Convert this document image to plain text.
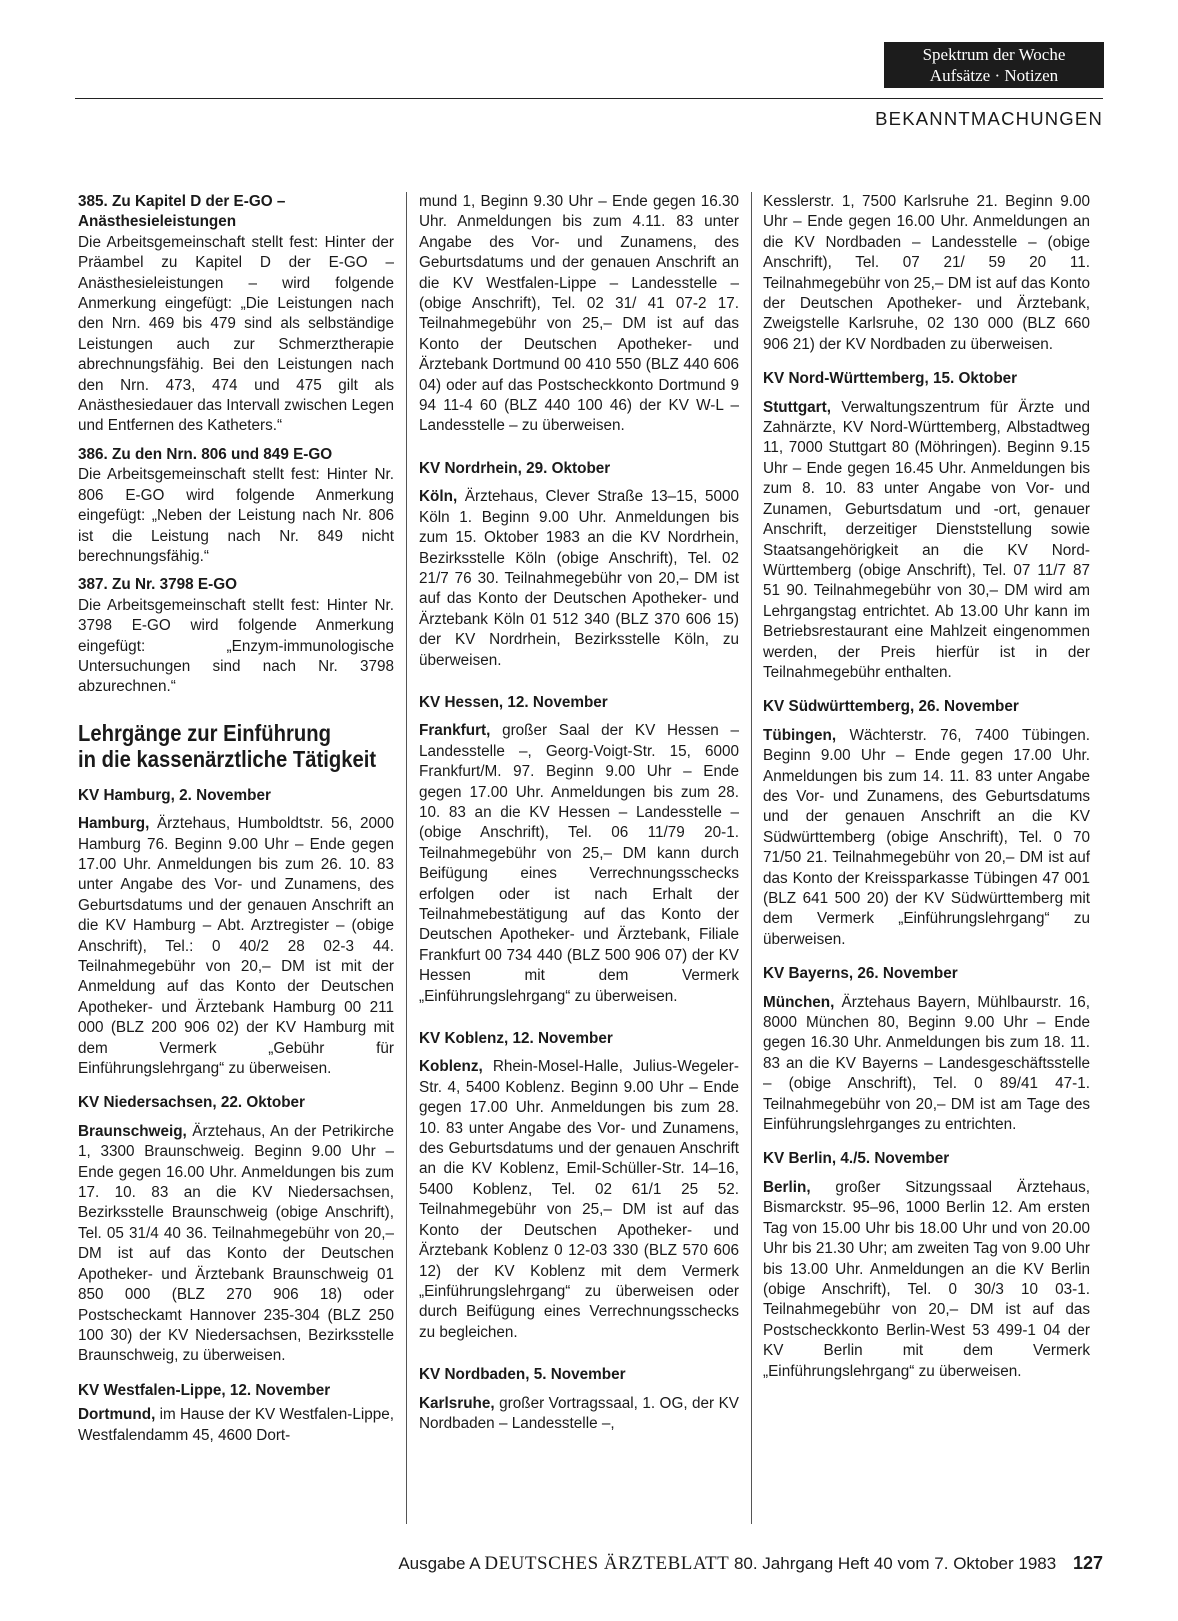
Spektrum der Woche
Aufsätze · Notizen
BEKANNTMACHUNGEN
385. Zu Kapitel D der E-GO – Anästhesieleistungen

Die Arbeitsgemeinschaft stellt fest: Hinter der Präambel zu Kapitel D der E-GO – Anästhesieleistungen – wird folgende Anmerkung eingefügt: „Die Leistungen nach den Nrn. 469 bis 479 sind als selbständige Leistungen auch zur Schmerztherapie abrechnungsfähig. Bei den Leistungen nach den Nrn. 473, 474 und 475 gilt als Anästhesiedauer das Intervall zwischen Legen und Entfernen des Katheters.“

386. Zu den Nrn. 806 und 849 E-GO

Die Arbeitsgemeinschaft stellt fest: Hinter Nr. 806 E-GO wird folgende Anmerkung eingefügt: „Neben der Leistung nach Nr. 806 ist die Leistung nach Nr. 849 nicht berechnungsfähig.“

387. Zu Nr. 3798 E-GO

Die Arbeitsgemeinschaft stellt fest: Hinter Nr. 3798 E-GO wird folgende Anmerkung eingefügt: „Enzym-immunologische Untersuchungen sind nach Nr. 3798 abzurechnen.“

Lehrgänge zur Einführung
in die kassenärztliche Tätigkeit
KV Hamburg, 2. November

Hamburg, Ärztehaus, Humboldtstr. 56, 2000 Hamburg 76. Beginn 9.00 Uhr – Ende gegen 17.00 Uhr. Anmeldungen bis zum 26. 10. 83 unter Angabe des Vor- und Zunamens, des Geburtsdatums und der genauen Anschrift an die KV Hamburg – Abt. Arztregister – (obige Anschrift), Tel.: 0 40/2 28 02-3 44. Teilnahmegebühr von 20,– DM ist mit der Anmeldung auf das Konto der Deutschen Apotheker- und Ärztebank Hamburg 00 211 000 (BLZ 200 906 02) der KV Hamburg mit dem Vermerk „Gebühr für Einführungslehrgang“ zu überweisen.

KV Niedersachsen, 22. Oktober

Braunschweig, Ärztehaus, An der Petrikirche 1, 3300 Braunschweig. Beginn 9.00 Uhr – Ende gegen 16.00 Uhr. Anmeldungen bis zum 17. 10. 83 an die KV Niedersachsen, Bezirksstelle Braunschweig (obige Anschrift), Tel. 05 31/4 40 36. Teilnahmegebühr von 20,– DM ist auf das Konto der Deutschen Apotheker- und Ärztebank Braunschweig 01 850 000 (BLZ 270 906 18) oder Postscheckamt Hannover 235-304 (BLZ 250 100 30) der KV Niedersachsen, Bezirksstelle Braunschweig, zu überweisen.

KV Westfalen-Lippe, 12. November

Dortmund, im Hause der KV Westfalen-Lippe, Westfalendamm 45, 4600 Dort-

mund 1, Beginn 9.30 Uhr – Ende gegen 16.30 Uhr. Anmeldungen bis zum 4.11. 83 unter Angabe des Vor- und Zunamens, des Geburtsdatums und der genauen Anschrift an die KV Westfalen-Lippe – Landesstelle – (obige Anschrift), Tel. 02 31/ 41 07-2 17. Teilnahmegebühr von 25,– DM ist auf das Konto der Deutschen Apotheker- und Ärztebank Dortmund 00 410 550 (BLZ 440 606 04) oder auf das Postscheckkonto Dortmund 9 94 11-4 60 (BLZ 440 100 46) der KV W-L – Landesstelle – zu überweisen.

KV Nordrhein, 29. Oktober

Köln, Ärztehaus, Clever Straße 13–15, 5000 Köln 1. Beginn 9.00 Uhr. Anmeldungen bis zum 15. Oktober 1983 an die KV Nordrhein, Bezirksstelle Köln (obige Anschrift), Tel. 02 21/7 76 30. Teilnahmegebühr von 20,– DM ist auf das Konto der Deutschen Apotheker- und Ärztebank Köln 01 512 340 (BLZ 370 606 15) der KV Nordrhein, Bezirksstelle Köln, zu überweisen.

KV Hessen, 12. November

Frankfurt, großer Saal der KV Hessen – Landesstelle –, Georg-Voigt-Str. 15, 6000 Frankfurt/M. 97. Beginn 9.00 Uhr – Ende gegen 17.00 Uhr. Anmeldungen bis zum 28. 10. 83 an die KV Hessen – Landesstelle – (obige Anschrift), Tel. 06 11/79 20-1. Teilnahmegebühr von 25,– DM kann durch Beifügung eines Verrechnungsschecks erfolgen oder ist nach Erhalt der Teilnahmebestätigung auf das Konto der Deutschen Apotheker- und Ärztebank, Filiale Frankfurt 00 734 440 (BLZ 500 906 07) der KV Hessen mit dem Vermerk „Einführungslehrgang“ zu überweisen.

KV Koblenz, 12. November

Koblenz, Rhein-Mosel-Halle, Julius-Wegeler-Str. 4, 5400 Koblenz. Beginn 9.00 Uhr – Ende gegen 17.00 Uhr. Anmeldungen bis zum 28. 10. 83 unter Angabe des Vor- und Zunamens, des Geburtsdatums und der genauen Anschrift an die KV Koblenz, Emil-Schüller-Str. 14–16, 5400 Koblenz, Tel. 02 61/1 25 52. Teilnahmegebühr von 25,– DM ist auf das Konto der Deutschen Apotheker- und Ärztebank Koblenz 0 12-03 330 (BLZ 570 606 12) der KV Koblenz mit dem Vermerk „Einführungslehrgang“ zu überweisen oder durch Beifügung eines Verrechnungsschecks zu begleichen.

KV Nordbaden, 5. November

Karlsruhe, großer Vortragssaal, 1. OG, der KV Nordbaden – Landesstelle –,

Kesslerstr. 1, 7500 Karlsruhe 21. Beginn 9.00 Uhr – Ende gegen 16.00 Uhr. Anmeldungen an die KV Nordbaden – Landesstelle – (obige Anschrift), Tel. 07 21/ 59 20 11. Teilnahmegebühr von 25,– DM ist auf das Konto der Deutschen Apotheker- und Ärztebank, Zweigstelle Karlsruhe, 02 130 000 (BLZ 660 906 21) der KV Nordbaden zu überweisen.

KV Nord-Württemberg, 15. Oktober

Stuttgart, Verwaltungszentrum für Ärzte und Zahnärzte, KV Nord-Württemberg, Albstadtweg 11, 7000 Stuttgart 80 (Möhringen). Beginn 9.15 Uhr – Ende gegen 16.45 Uhr. Anmeldungen bis zum 8. 10. 83 unter Angabe von Vor- und Zunamen, Geburtsdatum und -ort, genauer Anschrift, derzeitiger Dienststellung sowie Staatsangehörigkeit an die KV Nord-Württemberg (obige Anschrift), Tel. 07 11/7 87 51 90. Teilnahmegebühr von 30,– DM wird am Lehrgangstag entrichtet. Ab 13.00 Uhr kann im Betriebsrestaurant eine Mahlzeit eingenommen werden, der Preis hierfür ist in der Teilnahmegebühr enthalten.

KV Südwürttemberg, 26. November

Tübingen, Wächterstr. 76, 7400 Tübingen. Beginn 9.00 Uhr – Ende gegen 17.00 Uhr. Anmeldungen bis zum 14. 11. 83 unter Angabe des Vor- und Zunamens, des Geburtsdatums und der genauen Anschrift an die KV Südwürttemberg (obige Anschrift), Tel. 0 70 71/50 21. Teilnahmegebühr von 20,– DM ist auf das Konto der Kreissparkasse Tübingen 47 001 (BLZ 641 500 20) der KV Südwürttemberg mit dem Vermerk „Einführungslehrgang“ zu überweisen.

KV Bayerns, 26. November

München, Ärztehaus Bayern, Mühlbaurstr. 16, 8000 München 80, Beginn 9.00 Uhr – Ende gegen 16.30 Uhr. Anmeldungen bis zum 18. 11. 83 an die KV Bayerns – Landesgeschäftsstelle – (obige Anschrift), Tel. 0 89/41 47-1. Teilnahmegebühr von 20,– DM ist am Tage des Einführungslehrganges zu entrichten.

KV Berlin, 4./5. November

Berlin, großer Sitzungssaal Ärztehaus, Bismarckstr. 95–96, 1000 Berlin 12. Am ersten Tag von 15.00 Uhr bis 18.00 Uhr und von 20.00 Uhr bis 21.30 Uhr; am zweiten Tag von 9.00 Uhr bis 13.00 Uhr. Anmeldungen an die KV Berlin (obige Anschrift), Tel. 0 30/3 10 03-1. Teilnahmegebühr von 20,– DM ist auf das Postscheckkonto Berlin-West 53 499-1 04 der KV Berlin mit dem Vermerk „Einführungslehrgang“ zu überweisen.

Ausgabe A DEUTSCHES ÄRZTEBLATT 80. Jahrgang Heft 40 vom 7. Oktober 1983 127
